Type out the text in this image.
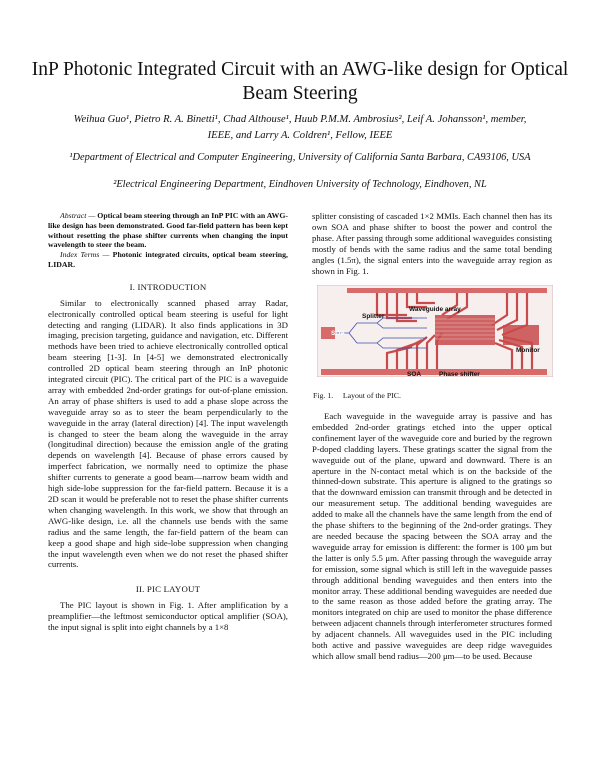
InP Photonic Integrated Circuit with an AWG-like design for Optical Beam Steering
Weihua Guo¹, Pietro R. A. Binetti¹, Chad Althouse¹, Huub P.M.M. Ambrosius², Leif A. Johansson¹, member,
IEEE, and Larry A. Coldren¹, Fellow, IEEE
¹Department of Electrical and Computer Engineering, University of California Santa Barbara, CA93106, USA
²Electrical Engineering Department, Eindhoven University of Technology, Eindhoven, NL

Abstract — Optical beam steering through an InP PIC with an AWG-like design has been demonstrated. Good far-field pattern has been kept without resetting the phase shifter currents when changing the input wavelength to steer the beam.

Index Terms — Photonic integrated circuits, optical beam steering, LIDAR.

I. INTRODUCTION

Similar to electronically scanned phased array Radar, electronically controlled optical beam steering is useful for light detecting and ranging (LIDAR). It also finds applications in 3D imaging, precision targeting, guidance and navigation, etc. Different methods have been tried to achieve electronically controlled optical beam steering [1-3]. In [4-5] we demonstrated electronically controlled 2D optical beam steering through an InP photonic integrated circuit (PIC). The critical part of the PIC is a waveguide array with embedded 2nd-order gratings for out-of-plane emission. An array of phase shifters is used to add a phase slope across the waveguide array so as to steer the beam perpendicularly to the waveguide in the array (lateral direction) [4]. The input wavelength is changed to steer the beam along the waveguide in the array (longitudinal direction) because the emission angle of the grating depends on wavelength [4]. Because of phase errors caused by imperfect fabrication, we normally need to optimize the phase shifter currents to generate a good beam—narrow beam width and high side-lobe suppression for the far-field pattern. Because it is a 2D scan it would be preferable not to reset the phase shifter currents when changing wavelength. In this work, we show that through an AWG-like design, i.e. all the channels use bends with the same radius and the same length, the far-field pattern of the beam can keep a good shape and high side-lobe suppression when changing the input wavelength even when we do not reset the phased shifter currents.

II. PIC LAYOUT

The PIC layout is shown in Fig. 1. After amplification by a preamplifier—the leftmost semiconductor optical amplifier (SOA), the input signal is split into eight channels by a 1×8

splitter consisting of cascaded 1×2 MMIs. Each channel then has its own SOA and phase shifter to boost the power and control the phase. After passing through some additional waveguides consisting mostly of bends with the same radius and the same total bending angles (1.5π), the signal enters into the waveguide array region as shown in Fig. 1.

Waveguide array
Splitter
SOA
Monitor
SOA	Phase shifter
Fig. 1.     Layout of the PIC.

Each waveguide in the waveguide array is passive and has embedded 2nd-order gratings etched into the upper optical confinement layer of the waveguide core and buried by the regrown P-doped cladding layers. These gratings scatter the signal from the waveguide out of the plane, upward and downward. There is an aperture in the N-contact metal which is on the backside of the thinned-down substrate. This aperture is aligned to the gratings so that the downward emission can transmit through and be detected in our measurement setup. The additional bending waveguides are added to make all the channels have the same length from the end of the phase shifters to the beginning of the 2nd-order gratings. They are needed because the spacing between the SOA array and the waveguide array for emission is different: the former is 100 μm but the latter is only 5.5 μm. After passing through the waveguide array for emission, some signal which is still left in the waveguide passes through additional bending waveguides and then enters into the monitor array. These additional bending waveguides are needed due to the same reason as those added before the grating array. The monitors integrated on chip are used to monitor the phase difference between adjacent channels through interferometer structures formed by adjacent channels. All waveguides used in the PIC including both active and passive waveguides are deep ridge waveguides which allow small bend radius—200 μm—to be used. Because
